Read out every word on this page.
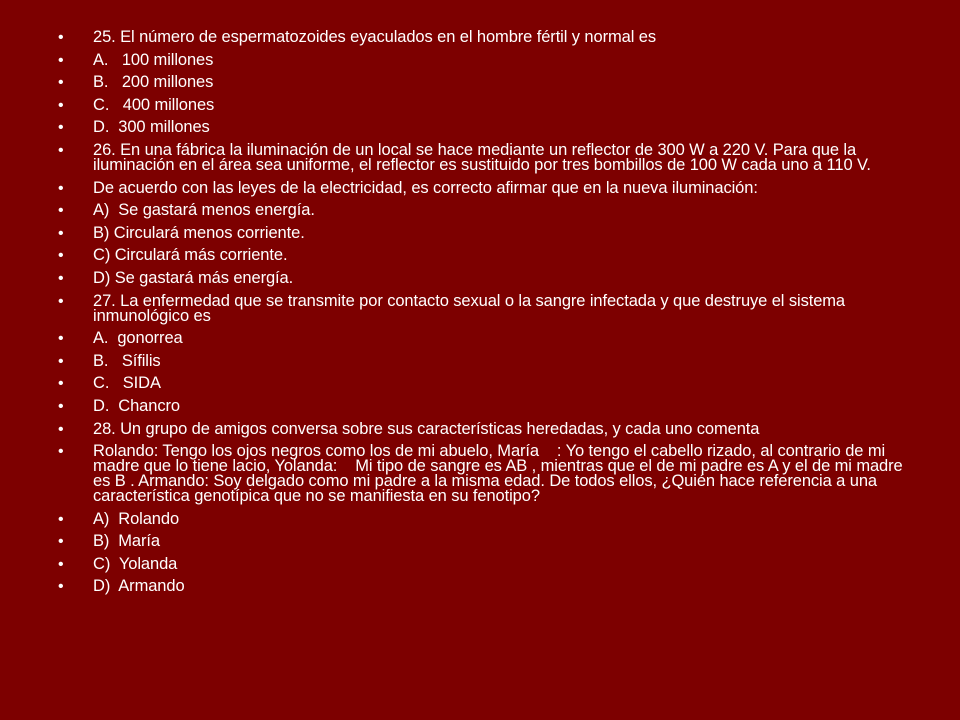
• 25. El número de espermatozoides eyaculados en el hombre fértil y normal es
• A.   100 millones
• B.   200 millones
• C.   400 millones
• D.  300 millones
• 26. En una fábrica la iluminación de un local se hace mediante un reflector de 300 W a 220 V. Para que la iluminación en el área sea uniforme, el reflector es sustituido por tres bombillos de 100 W cada uno a 110 V.
• De acuerdo con las leyes de la electricidad, es correcto afirmar que en la nueva iluminación:
• A)  Se gastará menos energía.
• B) Circulará menos corriente.
• C) Circulará más corriente.
• D) Se gastará más energía.
• 27. La enfermedad que se transmite por contacto sexual o la sangre infectada y que destruye el sistema inmunológico es
• A.  gonorrea
• B.   Sífilis
• C.   SIDA
• D.  Chancro
• 28. Un grupo de amigos conversa sobre sus características heredadas, y cada uno comenta
• Rolando: Tengo los ojos negros como los de mi abuelo, María    : Yo tengo el cabello rizado, al contrario de mi madre que lo tiene lacio, Yolanda:    Mi tipo de sangre es AB , mientras que el de mi padre es A y el de mi madre es B . Armando: Soy delgado como mi padre a la misma edad. De todos ellos, ¿Quién hace referencia a una característica genotípica que no se manifiesta en su fenotipo?
• A)  Rolando
• B)  María
• C)  Yolanda
• D)  Armando
